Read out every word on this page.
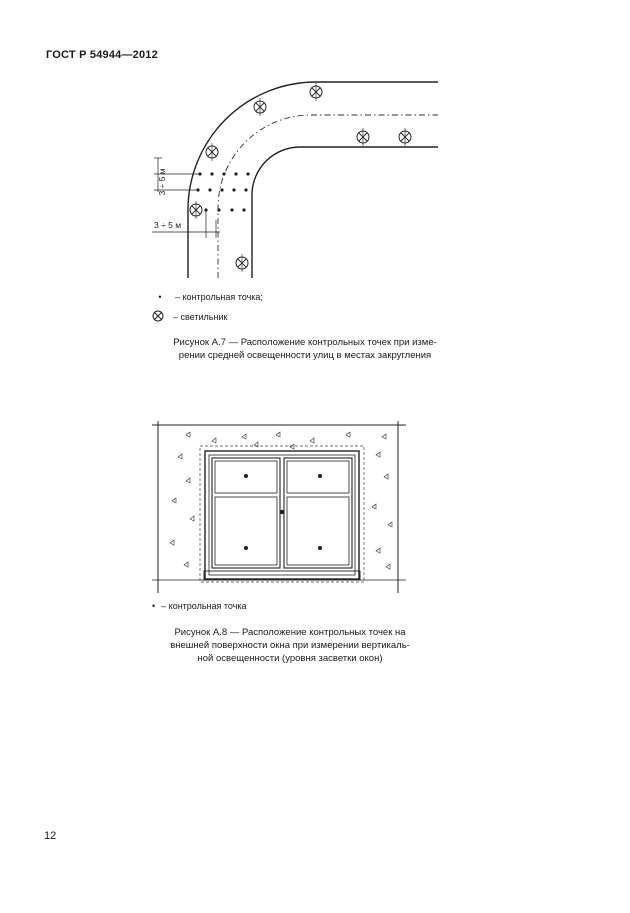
ГОСТ Р 54944—2012
3 ÷ 5 м
3 ÷ 5 м
•	– контрольная точка;
– светильник
Рисунок А.7 — Расположение контрольных точек при изме-
рении средней освещенности улиц в местах закругления
• – контрольная точка
Рисунок А.8 — Расположение контрольных точек на
внешней поверхности окна при измерении вертикаль-
ной освещенности (уровня засветки окон)
12
